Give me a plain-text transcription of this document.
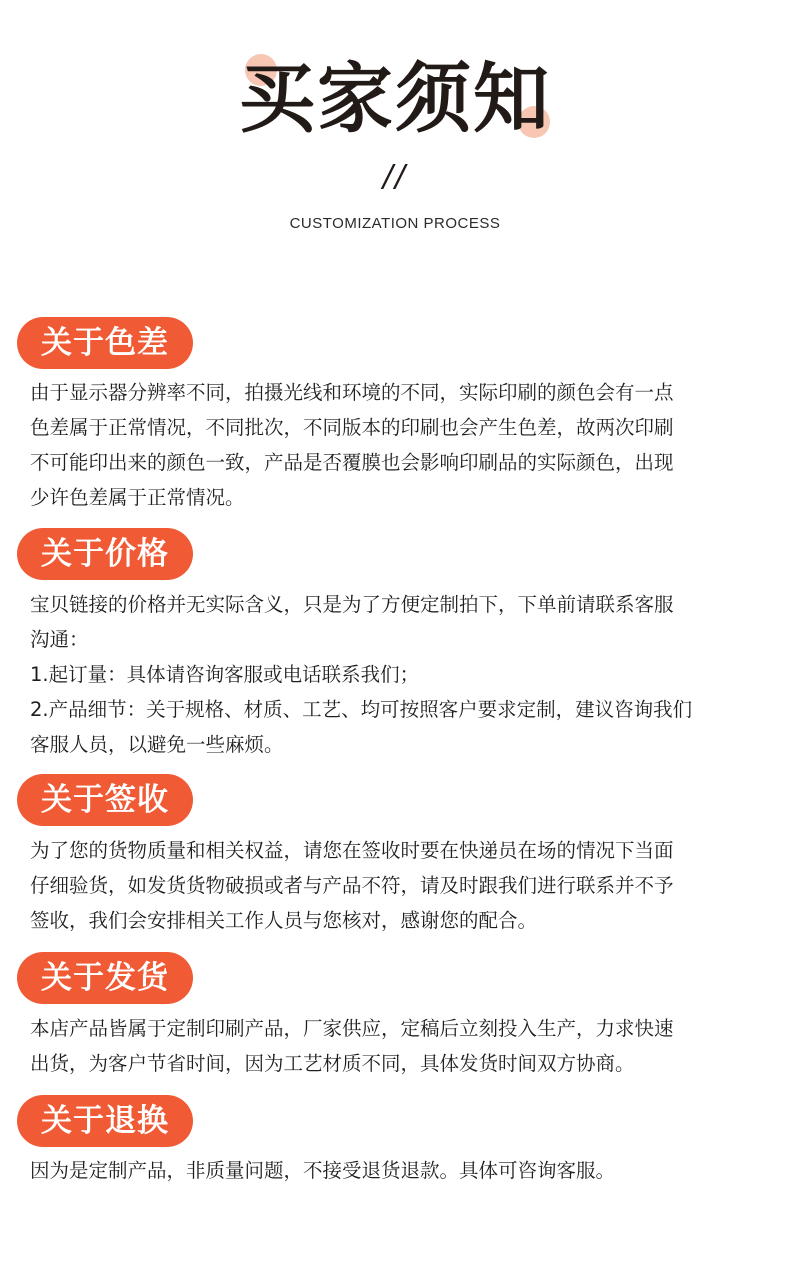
买家须知
//
CUSTOMIZATION PROCESS
关于色差

由于显示器分辨率不同，拍摄光线和环境的不同，实际印刷的颜色会有一点

色差属于正常情况，不同批次，不同版本的印刷也会产生色差，故两次印刷

不可能印出来的颜色一致，产品是否覆膜也会影响印刷品的实际颜色，出现

少许色差属于正常情况。

关于价格

宝贝链接的价格并无实际含义，只是为了方便定制拍下，下单前请联系客服

沟通：

1.起订量：具体请咨询客服或电话联系我们；

2.产品细节：关于规格、材质、工艺、均可按照客户要求定制，建议咨询我们

客服人员，以避免一些麻烦。

关于签收

为了您的货物质量和相关权益，请您在签收时要在快递员在场的情况下当面

仔细验货，如发货货物破损或者与产品不符，请及时跟我们进行联系并不予

签收，我们会安排相关工作人员与您核对，感谢您的配合。

关于发货

本店产品皆属于定制印刷产品，厂家供应，定稿后立刻投入生产，力求快速

出货，为客户节省时间，因为工艺材质不同，具体发货时间双方协商。

关于退换

因为是定制产品，非质量问题，不接受退货退款。具体可咨询客服。
